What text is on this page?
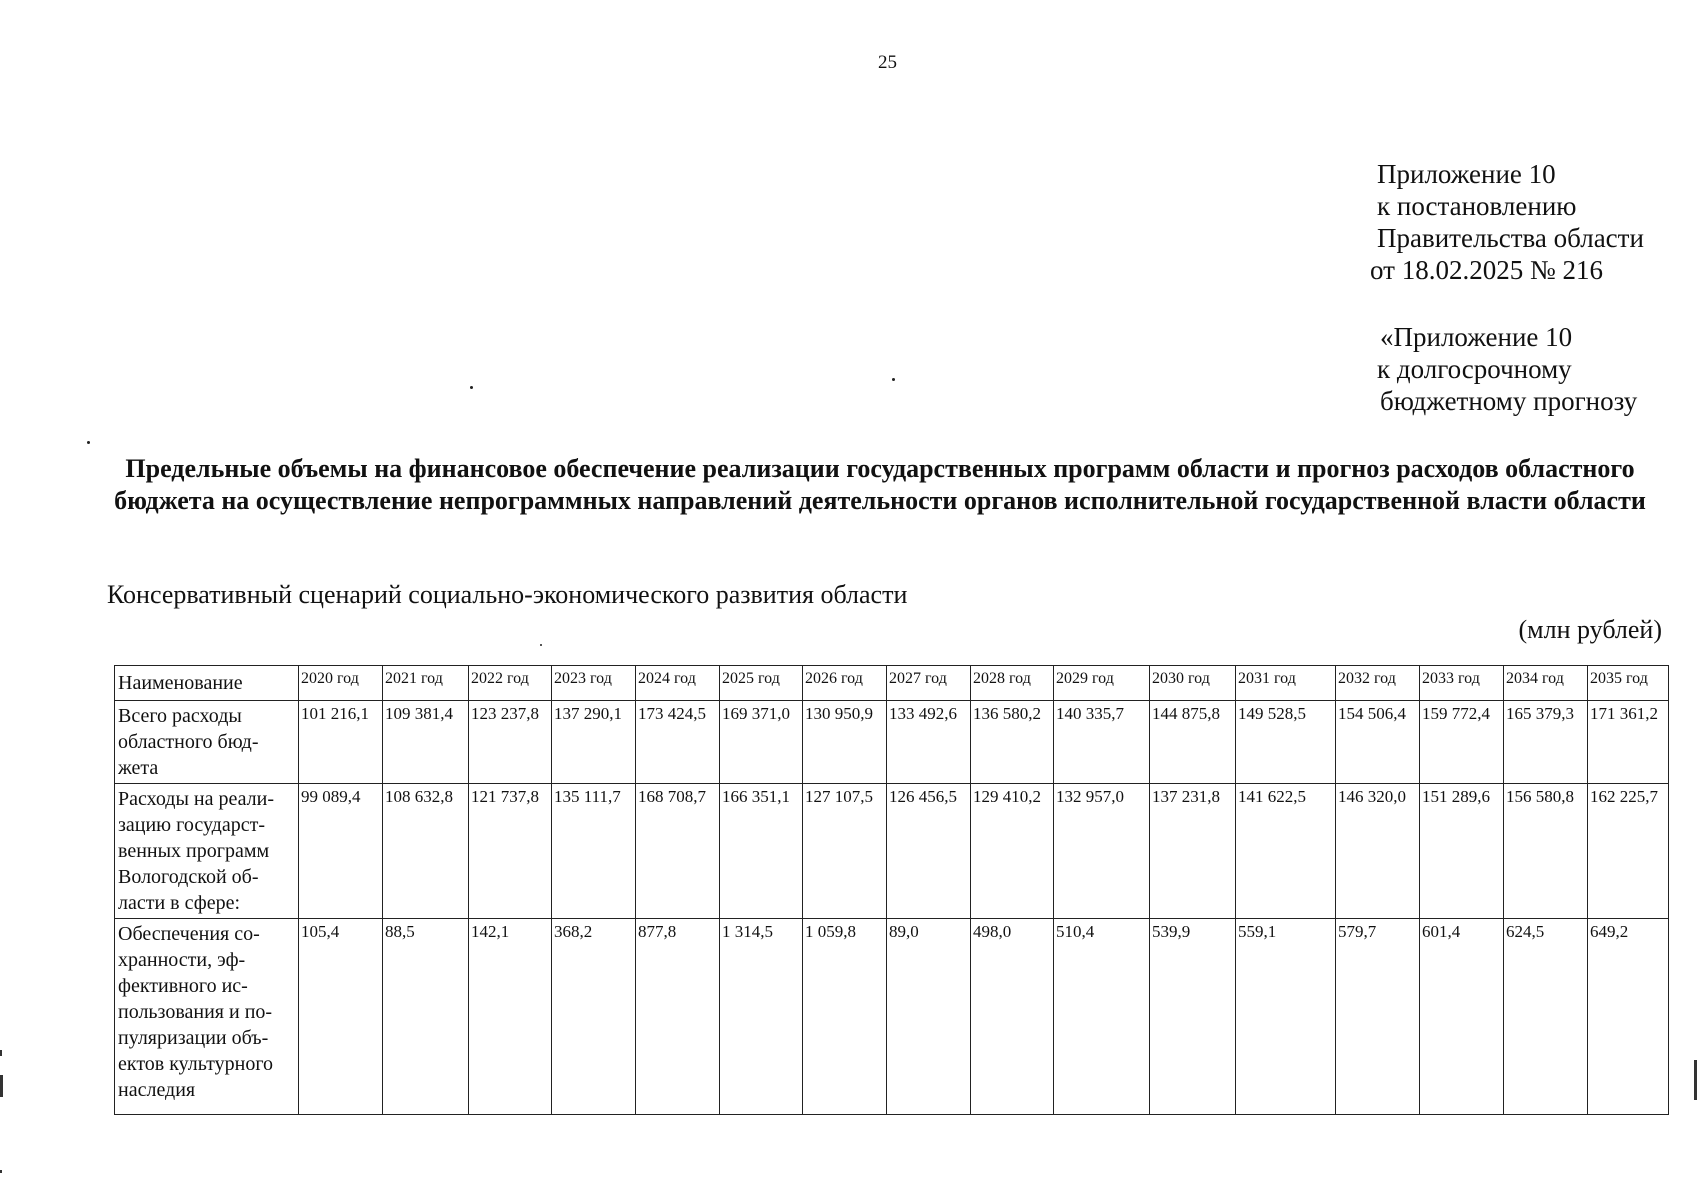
25
Приложение 10
к постановлению
Правительства области
от 18.02.2025 № 216
«Приложение 10
к долгосрочному
бюджетному прогнозу
Предельные объемы на финансовое обеспечение реализации государственных программ области и прогноз расходов областного бюджета на осуществление непрограммных направлений деятельности органов исполнительной государственной власти области
Консервативный сценарий социально-экономического развития области
(млн рублей)
Наименование	2020 год	2021 год	2022 год	2023 год	2024 год	2025 год	2026 год	2027 год	2028 год	2029 год	2030 год	2031 год	2032 год	2033 год	2034 год	2035 год
Всего расходы областного бюд-жета	101 216,1	109 381,4	123 237,8	137 290,1	173 424,5	169 371,0	130 950,9	133 492,6	136 580,2	140 335,7	144 875,8	149 528,5	154 506,4	159 772,4	165 379,3	171 361,2
Расходы на реали-зацию государст-венных программ Вологодской об-ласти в сфере:	99 089,4	108 632,8	121 737,8	135 111,7	168 708,7	166 351,1	127 107,5	126 456,5	129 410,2	132 957,0	137 231,8	141 622,5	146 320,0	151 289,6	156 580,8	162 225,7
Обеспечения со-хранности, эф-фективного ис-пользования и по-пуляризации объ-ектов культурного наследия	105,4	88,5	142,1	368,2	877,8	1 314,5	1 059,8	89,0	498,0	510,4	539,9	559,1	579,7	601,4	624,5	649,2
